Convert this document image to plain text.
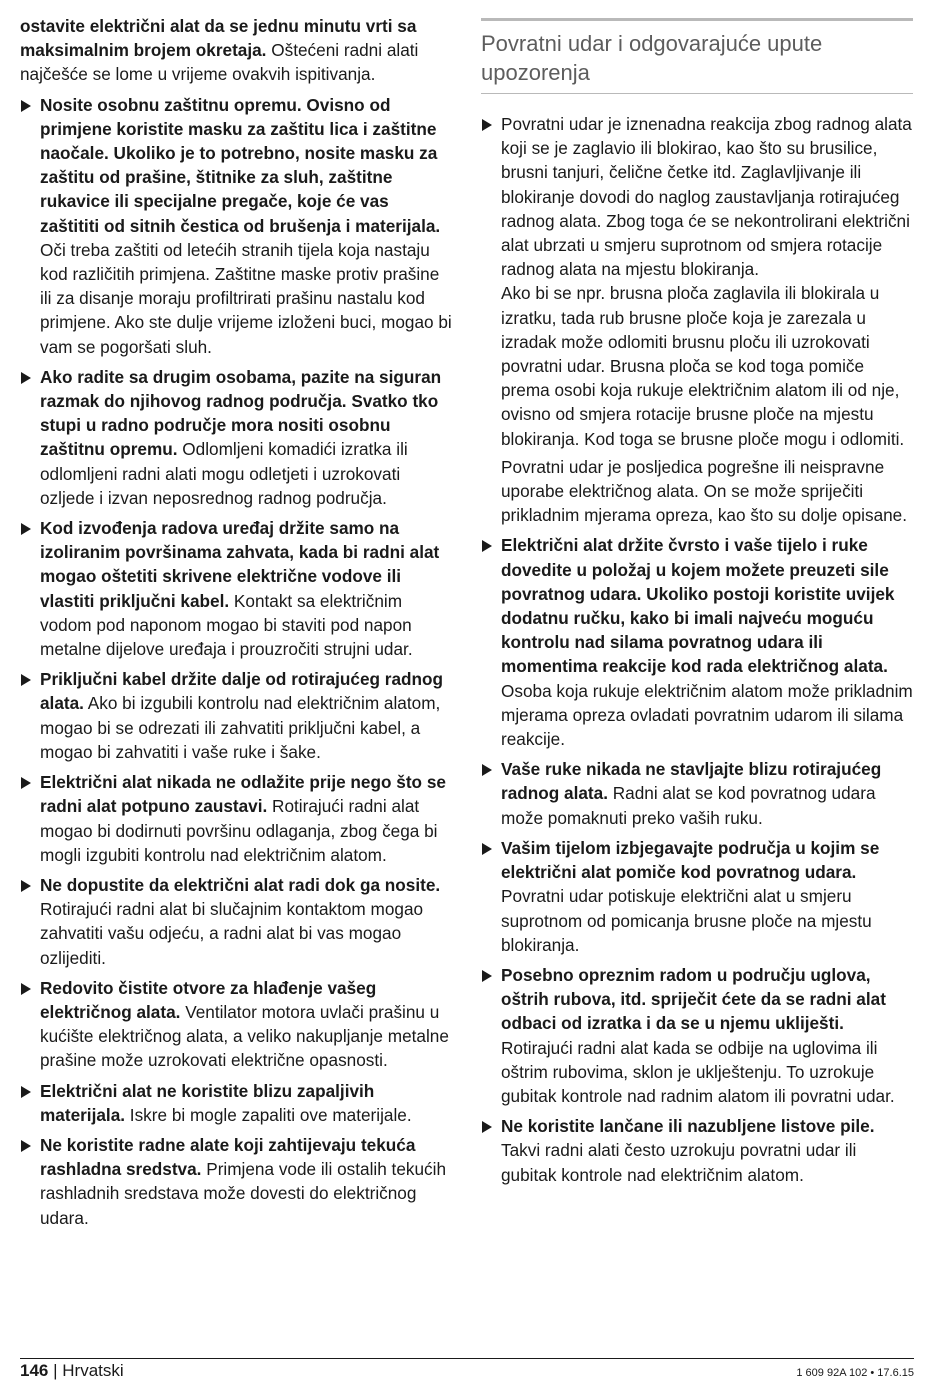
ostavite električni alat da se jednu minutu vrti sa maksimalnim brojem okretaja. Oštećeni radni alati najčešće se lome u vrijeme ovakvih ispitivanja.

Nosite osobnu zaštitnu opremu. Ovisno od primjene koristite masku za zaštitu lica i zaštitne naočale. Ukoliko je to potrebno, nosite masku za zaštitu od prašine, štitnike za sluh, zaštitne rukavice ili specijalne pregače, koje će vas zaštititi od sitnih čestica od brušenja i materijala. Oči treba zaštiti od letećih stranih tijela koja nastaju kod različitih primjena. Zaštitne maske protiv prašine ili za disanje moraju profiltrirati prašinu nastalu kod primjene. Ako ste dulje vrijeme izloženi buci, mogao bi vam se pogoršati sluh.

Ako radite sa drugim osobama, pazite na siguran razmak do njihovog radnog područja. Svatko tko stupi u radno područje mora nositi osobnu zaštitnu opremu. Odlomljeni komadići izratka ili odlomljeni radni alati mogu odletjeti i uzrokovati ozljede i izvan neposrednog radnog područja.

Kod izvođenja radova uređaj držite samo na izoliranim površinama zahvata, kada bi radni alat mogao oštetiti skrivene električne vodove ili vlastiti priključni kabel. Kontakt sa električnim vodom pod naponom mogao bi staviti pod napon metalne dijelove uređaja i prouzročiti strujni udar.

Priključni kabel držite dalje od rotirajućeg radnog alata. Ako bi izgubili kontrolu nad električnim alatom, mogao bi se odrezati ili zahvatiti priključni kabel, a mogao bi zahvatiti i vaše ruke i šake.

Električni alat nikada ne odlažite prije nego što se radni alat potpuno zaustavi. Rotirajući radni alat mogao bi dodirnuti površinu odlaganja, zbog čega bi mogli izgubiti kontrolu nad električnim alatom.

Ne dopustite da električni alat radi dok ga nosite. Rotirajući radni alat bi slučajnim kontaktom mogao zahvatiti vašu odjeću, a radni alat bi vas mogao ozlijediti.

Redovito čistite otvore za hlađenje vašeg električnog alata. Ventilator motora uvlači prašinu u kućište električnog alata, a veliko nakupljanje metalne prašine može uzrokovati električne opasnosti.

Električni alat ne koristite blizu zapaljivih materijala. Iskre bi mogle zapaliti ove materijale.

Ne koristite radne alate koji zahtijevaju tekuća rashladna sredstva. Primjena vode ili ostalih tekućih rashladnih sredstava može dovesti do električnog udara.

Povratni udar i odgovarajuće upute upozorenja

Povratni udar je iznenadna reakcija zbog radnog alata koji se je zaglavio ili blokirao, kao što su brusilice, brusni tanjuri, čelične četke itd. Zaglavljivanje ili blokiranje dovodi do naglog zaustavljanja rotirajućeg radnog alata. Zbog toga će se nekontrolirani električni alat ubrzati u smjeru suprotnom od smjera rotacije radnog alata na mjestu blokiranja.

Ako bi se npr. brusna ploča zaglavila ili blokirala u izratku, tada rub brusne ploče koja je zarezala u izradak može odlomiti brusnu ploču ili uzrokovati povratni udar. Brusna ploča se kod toga pomiče prema osobi koja rukuje električnim alatom ili od nje, ovisno od smjera rotacije brusne ploče na mjestu blokiranja. Kod toga se brusne ploče mogu i odlomiti.

Povratni udar je posljedica pogrešne ili neispravne uporabe električnog alata. On se može spriječiti prikladnim mjerama opreza, kao što su dolje opisane.

Električni alat držite čvrsto i vaše tijelo i ruke dovedite u položaj u kojem možete preuzeti sile povratnog udara. Ukoliko postoji koristite uvijek dodatnu ručku, kako bi imali najveću moguću kontrolu nad silama povratnog udara ili momentima reakcije kod rada električnog alata. Osoba koja rukuje električnim alatom može prikladnim mjerama opreza ovladati povratnim udarom ili silama reakcije.

Vaše ruke nikada ne stavljajte blizu rotirajućeg radnog alata. Radni alat se kod povratnog udara može pomaknuti preko vaših ruku.

Vašim tijelom izbjegavajte područja u kojim se električni alat pomiče kod povratnog udara. Povratni udar potiskuje električni alat u smjeru suprotnom od pomicanja brusne ploče na mjestu blokiranja.

Posebno opreznim radom u području uglova, oštrih rubova, itd. spriječit ćete da se radni alat odbaci od izratka i da se u njemu ukliješti. Rotirajući radni alat kada se odbije na uglovima ili oštrim rubovima, sklon je uklještenju. To uzrokuje gubitak kontrole nad radnim alatom ili povratni udar.

Ne koristite lančane ili nazubljene listove pile. Takvi radni alati često uzrokuju povratni udar ili gubitak kontrole nad električnim alatom.

146 | Hrvatski	1 609 92A 102 • 17.6.15
